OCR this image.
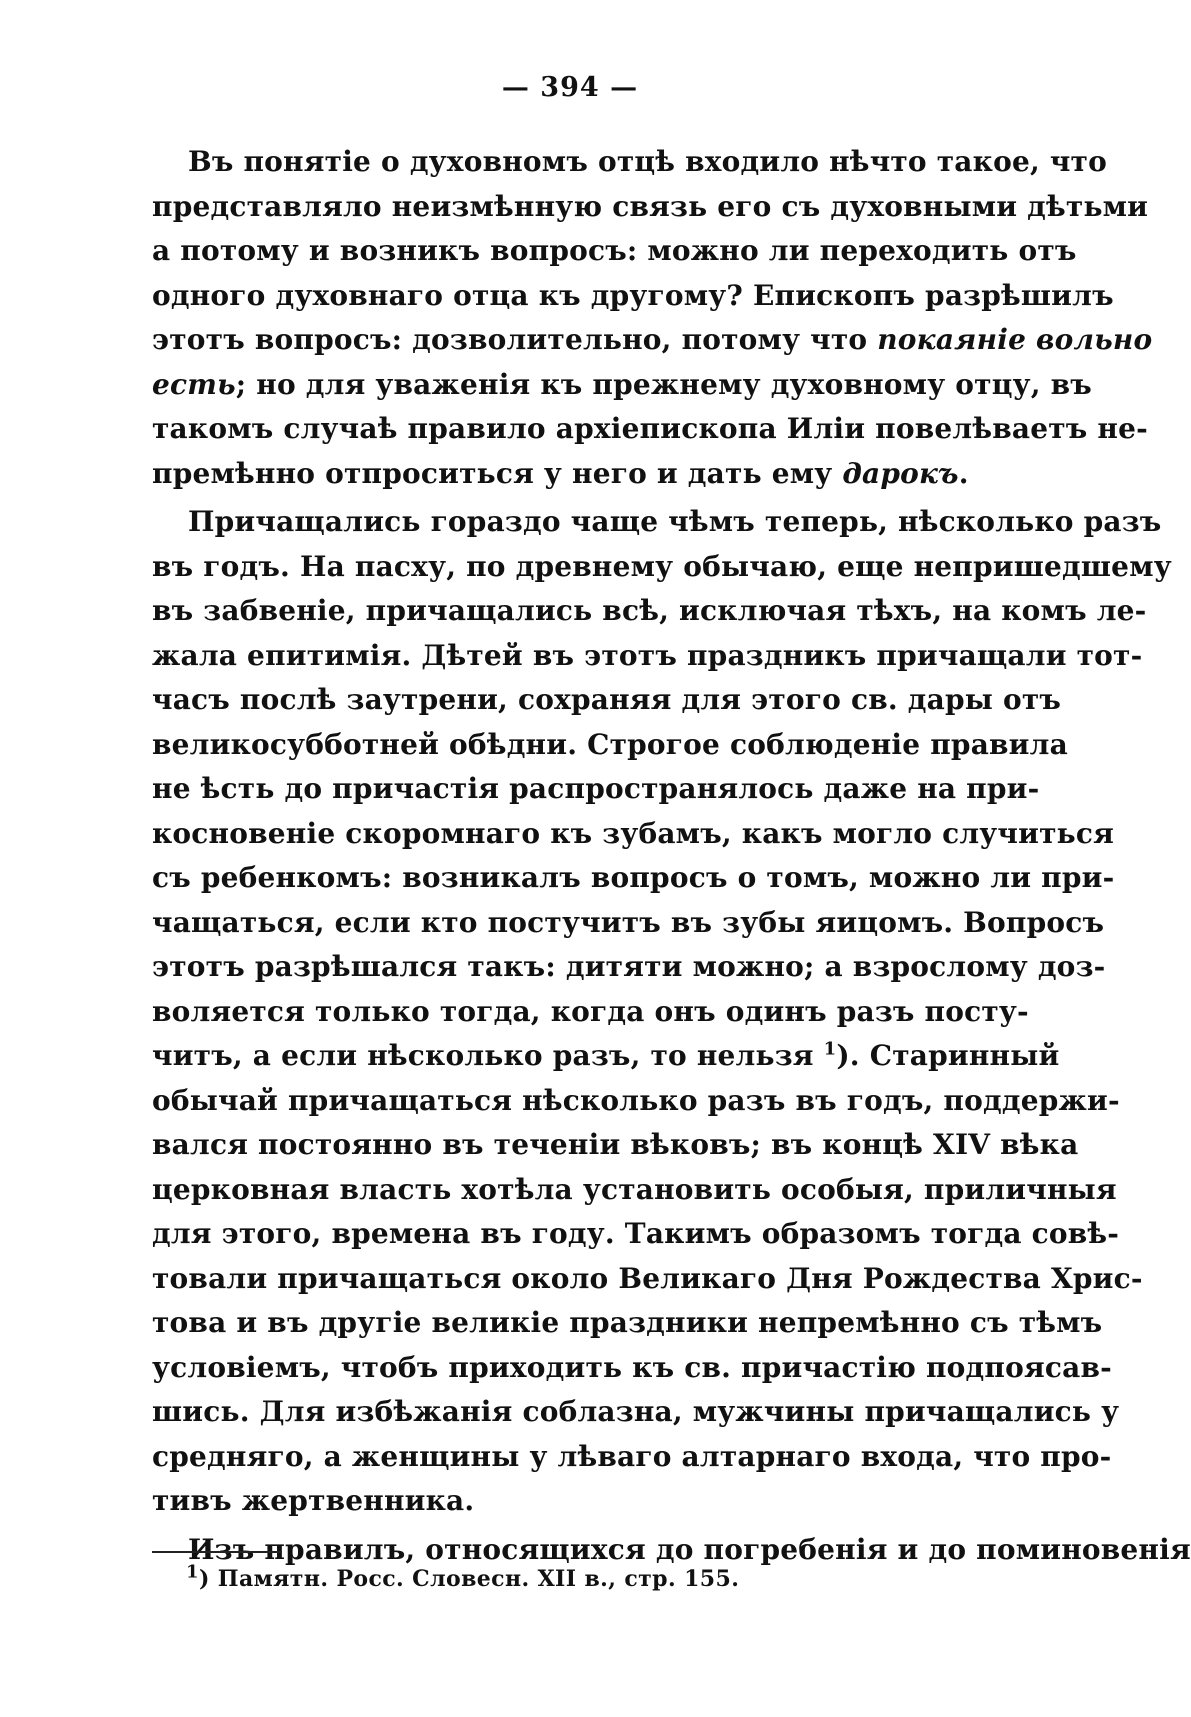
— 394 —
Въ понятіе о духовномъ отцѣ входило нѣчто такое, что
представляло неизмѣнную связь его съ духовными дѣтьми
а потому и возникъ вопросъ: можно ли переходить отъ
одного духовнаго отца къ другому? Епископъ разрѣшилъ
этотъ вопросъ: дозволительно, потому что покаяніе вольно
есть; но для уваженія къ прежнему духовному отцу, въ
такомъ случаѣ правило архіепископа Иліи повелѣваетъ не-
премѣнно отпроситься у него и дать ему дарокъ.
Причащались гораздо чаще чѣмъ теперь, нѣсколько разъ
въ годъ. На пасху, по древнему обычаю, еще непришедшему
въ забвеніе, причащались всѣ, исключая тѣхъ, на комъ ле-
жала епитимія. Дѣтей въ этотъ праздникъ причащали тот-
часъ послѣ заутрени, сохраняя для этого св. дары отъ
великосубботней обѣдни. Строгое соблюденіе правила
не ѣсть до причастія распространялось даже на при-
косновеніе скоромнаго къ зубамъ, какъ могло случиться
съ ребенкомъ: возникалъ вопросъ о томъ, можно ли при-
чащаться, если кто постучитъ въ зубы яицомъ. Вопросъ
этотъ разрѣшался такъ: дитяти можно; а взрослому доз-
воляется только тогда, когда онъ одинъ разъ посту-
читъ, а если нѣсколько разъ, то нельзя $^1$). Старинный
обычай причащаться нѣсколько разъ въ годъ, поддержи-
вался постоянно въ теченіи вѣковъ; въ концѣ XIV вѣка
церковная власть хотѣла установить особыя, приличныя
для этого, времена въ году. Такимъ образомъ тогда совѣ-
товали причащаться около Великаго Дня Рождества Хрис-
това и въ другіе великіе праздники непремѣнно съ тѣмъ
условіемъ, чтобъ приходить къ св. причастію подпоясав-
шись. Для избѣжанія соблазна, мужчины причащались у
средняго, а женщины у лѣваго алтарнаго входа, что про-
тивъ жертвенника.
Изъ правилъ, относящихся до погребенія и до поминовенія
$^1$) Памятн. Росс. Словесн. XII в., стр. 155.
